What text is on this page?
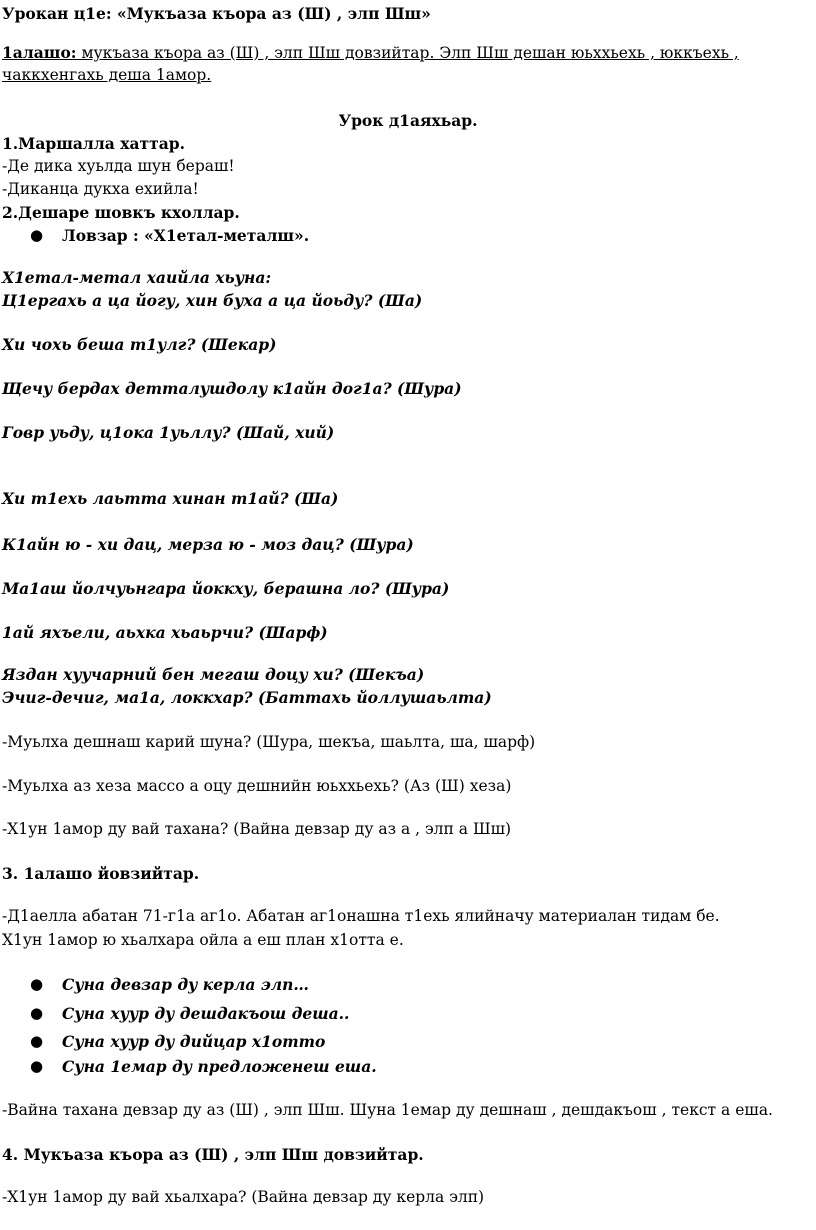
Урокан ц1е: «Мукъаза къора аз (Ш) , элп Шш»
1алашо: мукъаза къора аз (Ш) , элп Шш довзийтар. Элп Шш дешан юьххьехь , юккъехь ,
чаккхенгахь деша 1амор.
Урок д1аяхьар.
1.Маршалла хаттар.
-Де дика хуьлда шун бераш!
-Диканца дукха ехийла!
2.Дешаре шовкъ кхоллар.
● Ловзар : «Х1етал-металш».
Х1етал-метал хаийла хьуна:
Ц1ергахь а ца йогу, хин буха а ца йоьду? (Ша)
Хи чохь беша т1улг? (Шекар)
Щечу бердах детталушдолу к1айн дог1а? (Шура)
Говр уьду, ц1ока 1уьллу? (Шай, хий)
Хи т1ехь лаьтта хинан т1ай? (Ша)
К1айн ю - хи дац, мерза ю - моз дац? (Шура)
Ма1аш йолчуьнгара йоккху, берашна ло? (Шура)
1ай яхъели, аьхка хьаьрчи? (Шарф)
Яздан хуучарний бен мегаш доцу хи? (Шекъа)
Эчиг-дечиг, ма1а, локкхар? (Баттахь йоллушаьлта)
-Муьлха дешнаш карий шуна? (Шура, шекъа, шаьлта, ша, шарф)
-Муьлха аз хеза массо а оцу дешнийн юьххьехь? (Аз (Ш) хеза)
-Х1ун 1амор ду вай тахана? (Вайна девзар ду аз а , элп а Шш)
3. 1алашо йовзийтар.
-Д1аелла абатан 71-г1а аг1о. Абатан аг1онашна т1ехь ялийначу материалан тидам бе.
Х1ун 1амор ю хьалхара ойла а еш план х1отта е.
● Суна девзар ду керла элп…
● Суна хуур ду дешдакъош деша..
● Суна хуур ду дийцар х1отто
● Суна 1емар ду предложенеш еша.
-Вайна тахана девзар ду аз (Ш) , элп Шш. Шуна 1емар ду дешнаш , дешдакъош , текст а еша.
4. Мукъаза къора аз (Ш) , элп Шш довзийтар.
-Х1ун 1амор ду вай хьалхара? (Вайна девзар ду керла элп)
